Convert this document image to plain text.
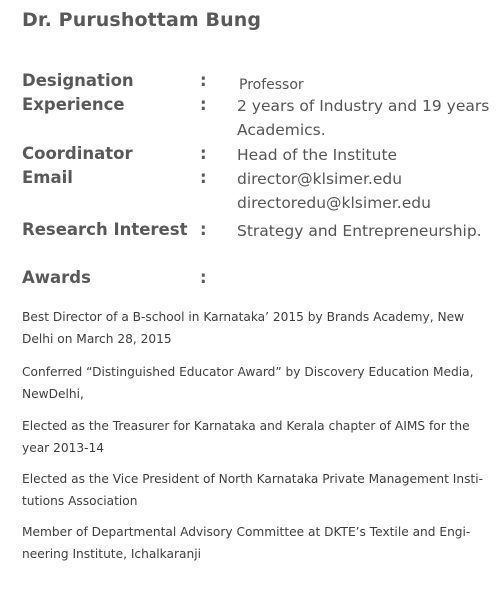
Dr. Purushottam Bung
Designation	: Professor
Experience	: 2 years of Industry and 19 years
Academics.
Coordinator	: Head of the Institute
Email	: director@klsimer.edu
directoredu@klsimer.edu
Research Interest : Strategy and Entrepreneurship.
Awards	:
Best Director of a B-school in Karnataka’ 2015 by Brands Academy, New
Delhi on March 28, 2015
Conferred “Distinguished Educator Award” by Discovery Education Media,
NewDelhi,
Elected as the Treasurer for Karnataka and Kerala chapter of AIMS for the
year 2013-14
Elected as the Vice President of North Karnataka Private Management Insti-
tutions Association
Member of Departmental Advisory Committee at DKTE’s Textile and Engi-
neering Institute, Ichalkaranji
